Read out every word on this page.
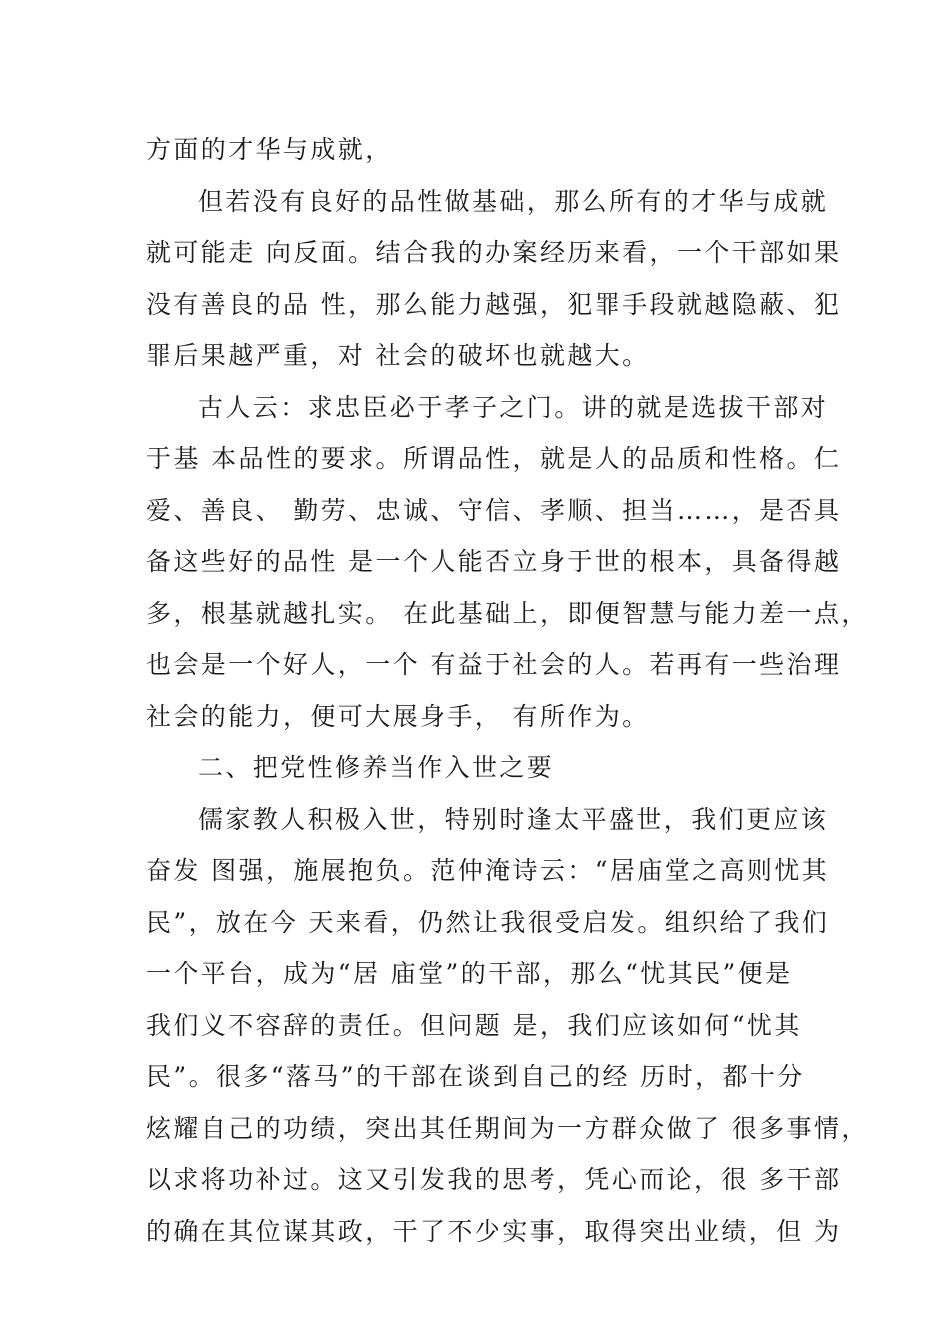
方面的才华与成就，
但若没有良好的品性做基础，那么所有的才华与成就
就可能走 向反面。结合我的办案经历来看，一个干部如果
没有善良的品 性，那么能力越强，犯罪手段就越隐蔽、犯
罪后果越严重，对 社会的破坏也就越大。
古人云：求忠臣必于孝子之门。讲的就是选拔干部对
于基 本品性的要求。所谓品性，就是人的品质和性格。仁
爱、善良、 勤劳、忠诚、守信、孝顺、担当……，是否具
备这些好的品性 是一个人能否立身于世的根本，具备得越
多，根基就越扎实。 在此基础上，即便智慧与能力差一点，
也会是一个好人，一个 有益于社会的人。若再有一些治理
社会的能力，便可大展身手， 有所作为。
二、把党性修养当作入世之要
儒家教人积极入世，特别时逢太平盛世，我们更应该
奋发 图强，施展抱负。范仲淹诗云：“居庙堂之高则忧其
民”，放在今 天来看，仍然让我很受启发。组织给了我们
一个平台，成为“居 庙堂”的干部，那么“忧其民”便是
我们义不容辞的责任。但问题 是，我们应该如何“忧其
民”。很多“落马”的干部在谈到自己的经 历时，都十分
炫耀自己的功绩，突出其任期间为一方群众做了 很多事情，
以求将功补过。这又引发我的思考，凭心而论，很 多干部
的确在其位谋其政，干了不少实事，取得突出业绩，但 为
